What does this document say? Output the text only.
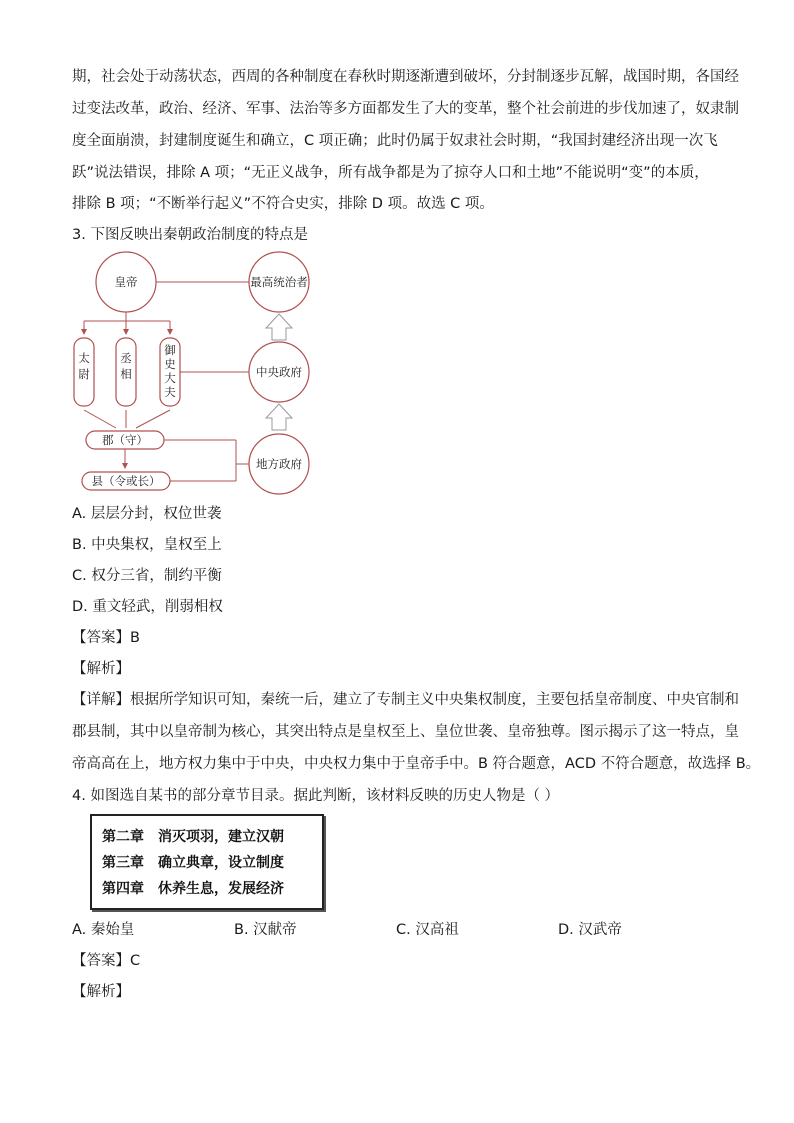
期，社会处于动荡状态，西周的各种制度在春秋时期逐渐遭到破坏，分封制逐步瓦解，战国时期，各国经
过变法改革，政治、经济、军事、法治等多方面都发生了大的变革，整个社会前进的步伐加速了，奴隶制
度全面崩溃，封建制度诞生和确立，C 项正确；此时仍属于奴隶社会时期，“我国封建经济出现一次飞
跃”说法错误，排除 A 项；“无正义战争，所有战争都是为了掠夺人口和土地”不能说明“变”的本质，
排除 B 项；“不断举行起义”不符合史实，排除 D 项。故选 C 项。
3. 下图反映出秦朝政治制度的特点是
皇帝	最高统治者
中央政府
地方政府
太
尉
丞
相
御
史
大
夫
郡（守）
县（令或长）
A. 层层分封，权位世袭
B. 中央集权，皇权至上
C. 权分三省，制约平衡
D. 重文轻武，削弱相权
【答案】B
【解析】
【详解】根据所学知识可知，秦统一后，建立了专制主义中央集权制度，主要包括皇帝制度、中央官制和
郡县制，其中以皇帝制为核心，其突出特点是皇权至上、皇位世袭、皇帝独尊。图示揭示了这一特点，皇
帝高高在上，地方权力集中于中央，中央权力集中于皇帝手中。B 符合题意，ACD 不符合题意，故选择 B。
4. 如图选自某书的部分章节目录。据此判断，该材料反映的历史人物是（ ）
第二章　消灭项羽，建立汉朝
第三章　确立典章，设立制度
第四章　休养生息，发展经济
A. 秦始皇	B. 汉献帝	C. 汉高祖	D. 汉武帝
【答案】C
【解析】
